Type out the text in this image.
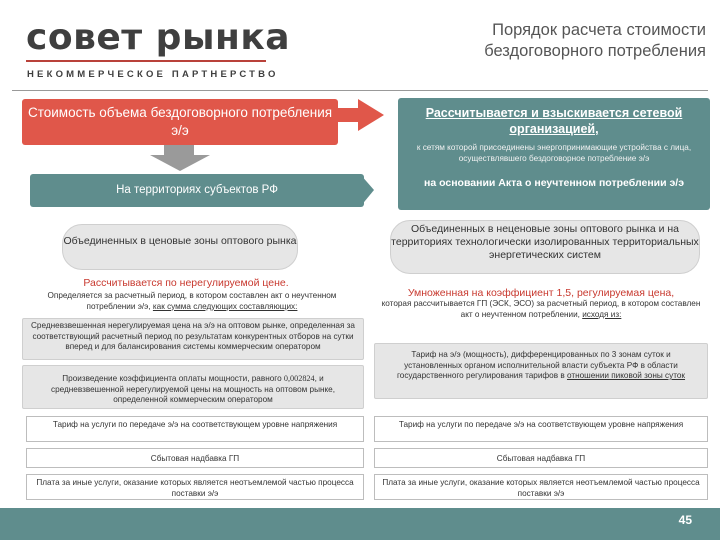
совет рынка
НЕКОММЕРЧЕСКОЕ ПАРТНЕРСТВО
Порядок расчета стоимости бездоговорного потребления
Стоимость объема бездоговорного потребления э/э
Рассчитывается и взыскивается сетевой организацией,
к сетям которой присоединены энергопринимающие устройства с лица, осуществлявшего бездоговорное потребление э/э
на основании Акта о неучтенном потреблении э/э
На территориях субъектов РФ
Объединенных в ценовые зоны оптового рынка
Объединенных в неценовые зоны оптового рынка и на территориях технологически изолированных территориальных энергетических систем
Рассчитывается по нерегулируемой цене.
Определяется за расчетный период, в котором составлен акт о неучтенном потреблении э/э, как сумма следующих составляющих:
Умноженная на коэффициент 1,5, регулируемая цена,
которая рассчитывается ГП (ЭСК, ЭСО) за расчетный период, в котором составлен акт о неучтенном потреблении, исходя из:
Средневзвешенная нерегулируемая цена на э/э на оптовом рынке, определенная за соответствующий расчетный период по результатам конкурентных отборов на сутки вперед и для балансирования системы коммерческим оператором
Произведение коэффициента оплаты мощности, равного 0,002824, и средневзвешенной нерегулируемой цены на мощность на оптовом рынке, определенной коммерческим оператором
Тариф на э/э (мощность), дифференцированных по 3 зонам суток и установленных органом исполнительной власти субъекта РФ в области государственного регулирования тарифов в отношении пиковой зоны суток
Тариф на услуги по передаче э/э на соответствующем уровне напряжения	Тариф на услуги по передаче э/э на соответствующем уровне напряжения
Сбытовая надбавка ГП	Сбытовая надбавка ГП
Плата за иные услуги, оказание которых является неотъемлемой частью процесса поставки э/э
Плата за иные услуги, оказание которых является неотъемлемой частью процесса поставки э/э
45
